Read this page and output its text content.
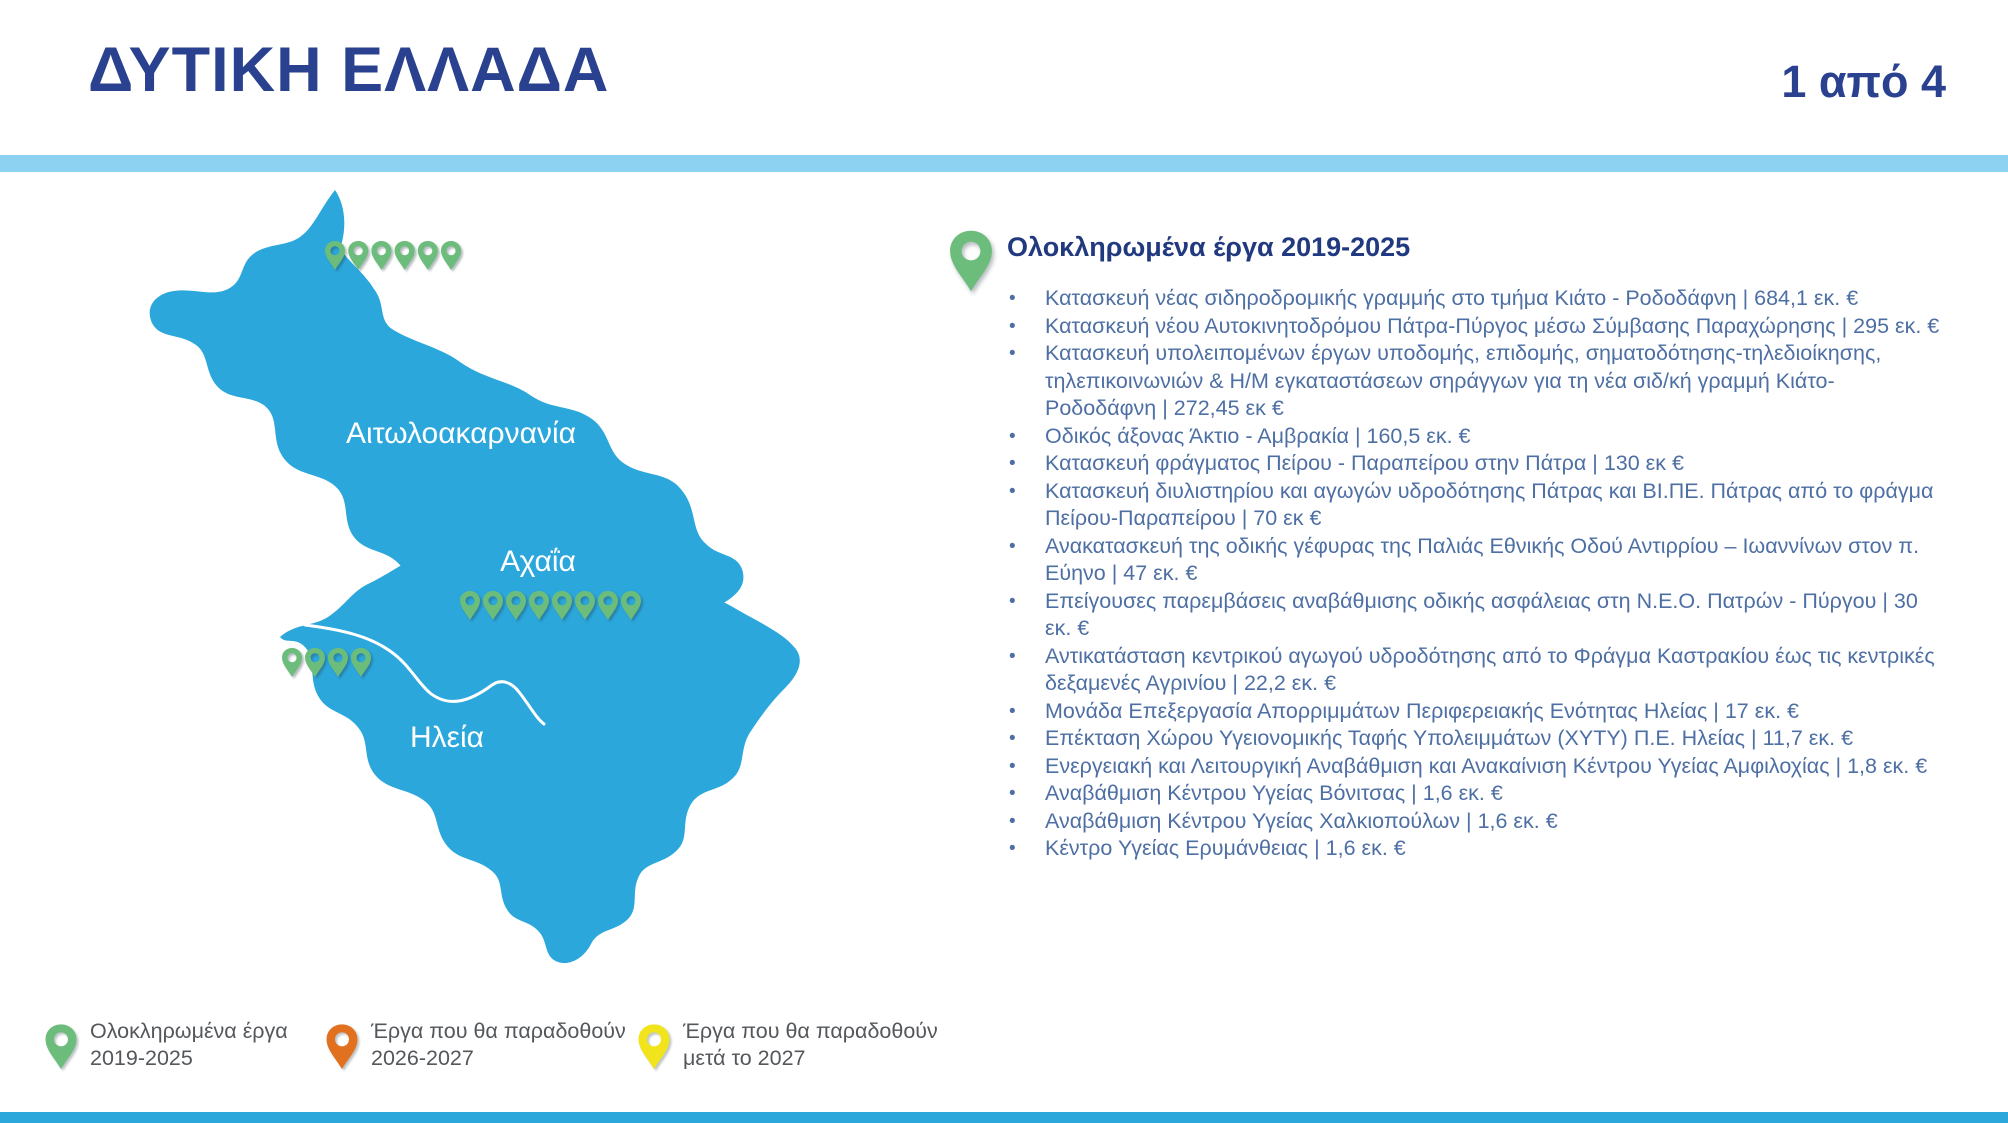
ΔΥΤΙΚΗ ΕΛΛΑΔΑ	1 από 4
Αιτωλοακαρνανία
Αχαΐα
Ηλεία
Ολοκληρωμένα έργα 2019-2025
• Κατασκευή νέας σιδηροδρομικής γραμμής στο τμήμα Κιάτο - Ροδοδάφνη | 684,1 εκ. €
• Κατασκευή νέου Αυτοκινητοδρόμου Πάτρα-Πύργος μέσω Σύμβασης Παραχώρησης | 295 εκ. €
• Κατασκευή υπολειπομένων έργων υποδομής, επιδομής, σηματοδότησης-τηλεδιοίκησης, τηλεπικοινωνιών & Η/Μ εγκαταστάσεων σηράγγων για τη νέα σιδ/κή γραμμή Κιάτο-Ροδοδάφνη | 272,45 εκ €
• Οδικός άξονας Άκτιο - Αμβρακία | 160,5 εκ. €
• Κατασκευή φράγματος Πείρου - Παραπείρου στην Πάτρα | 130 εκ €
• Κατασκευή διυλιστηρίου και αγωγών υδροδότησης Πάτρας και ΒΙ.ΠΕ. Πάτρας από το φράγμα Πείρου-Παραπείρου | 70 εκ €
• Ανακατασκευή της οδικής γέφυρας της Παλιάς Εθνικής Οδού Αντιρρίου – Ιωαννίνων στον π. Εύηνο | 47 εκ. €
• Επείγουσες παρεμβάσεις αναβάθμισης οδικής ασφάλειας στη Ν.Ε.Ο. Πατρών - Πύργου | 30 εκ. €
• Αντικατάσταση κεντρικού αγωγού υδροδότησης από το Φράγμα Καστρακίου έως τις κεντρικές δεξαμενές Αγρινίου | 22,2 εκ. €
• Μονάδα Επεξεργασία Απορριμμάτων Περιφερειακής Ενότητας Ηλείας | 17 εκ. €
• Επέκταση Χώρου Υγειονομικής Ταφής Υπολειμμάτων (ΧΥΤΥ) Π.Ε. Ηλείας | 11,7 εκ. €
• Ενεργειακή και Λειτουργική Αναβάθμιση και Ανακαίνιση Κέντρου Υγείας Αμφιλοχίας | 1,8 εκ. €
• Αναβάθμιση Κέντρου Υγείας Βόνιτσας | 1,6 εκ. €
• Αναβάθμιση Κέντρου Υγείας Χαλκιοπούλων | 1,6 εκ. €
• Κέντρο Υγείας Ερυμάνθειας | 1,6 εκ. €
Ολοκληρωμένα έργα
2019-2025
Έργα που θα παραδοθούν
2026-2027
Έργα που θα παραδοθούν
μετά το 2027
